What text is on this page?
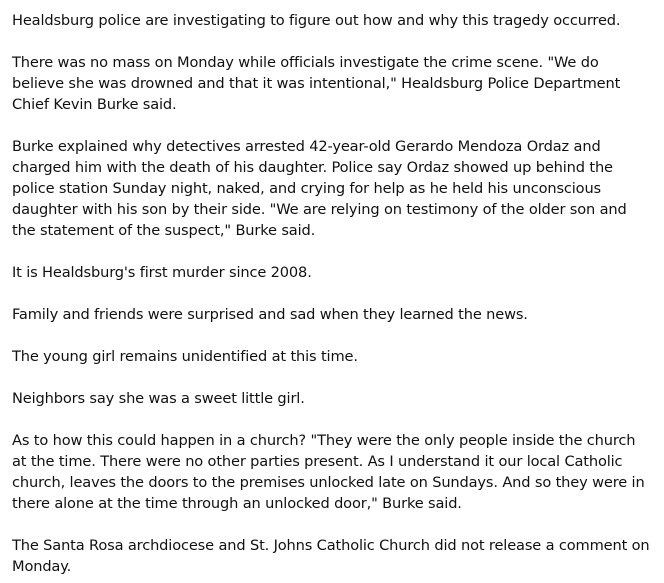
Healdsburg police are investigating to figure out how and why this tragedy occurred.

There was no mass on Monday while officials investigate the crime scene. "We do believe she was drowned and that it was intentional," Healdsburg Police Department Chief Kevin Burke said.

Burke explained why detectives arrested 42-year-old Gerardo Mendoza Ordaz and charged him with the death of his daughter. Police say Ordaz showed up behind the police station Sunday night, naked, and crying for help as he held his unconscious daughter with his son by their side. "We are relying on testimony of the older son and the statement of the suspect," Burke said.

It is Healdsburg's first murder since 2008.

Family and friends were surprised and sad when they learned the news.

The young girl remains unidentified at this time.

Neighbors say she was a sweet little girl.

As to how this could happen in a church? "They were the only people inside the church at the time. There were no other parties present. As I understand it our local Catholic church, leaves the doors to the premises unlocked late on Sundays. And so they were in there alone at the time through an unlocked door," Burke said.

The Santa Rosa archdiocese and St. Johns Catholic Church did not release a comment on Monday.
